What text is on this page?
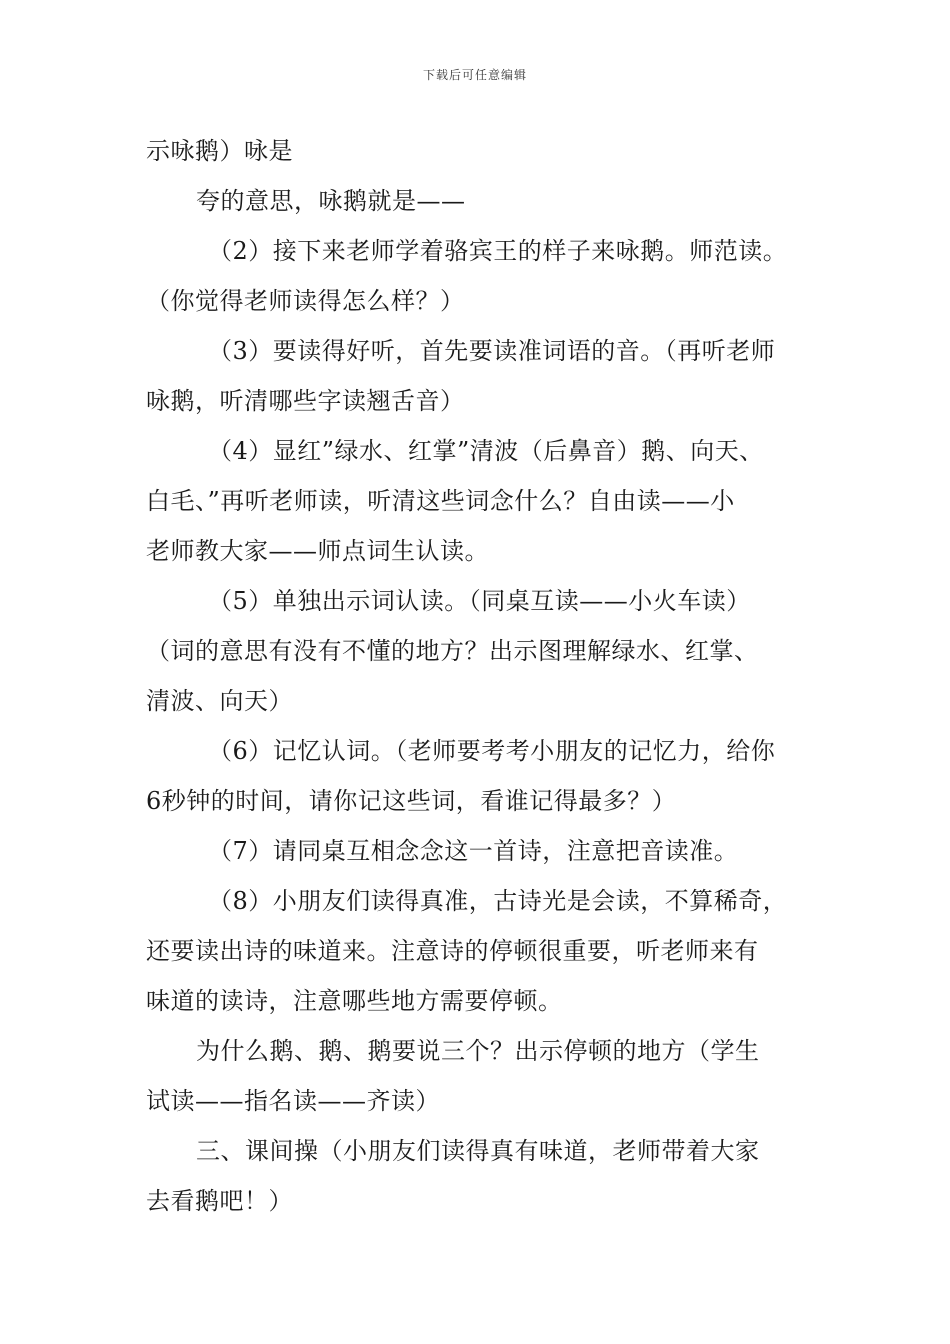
下载后可任意编辑
示咏鹅）咏是
夸的意思，咏鹅就是——
（2）接下来老师学着骆宾王的样子来咏鹅。师范读。
（你觉得老师读得怎么样？）
（3）要读得好听，首先要读准词语的音。（再听老师
咏鹅，听清哪些字读翘舌音）
（4）显红”绿水、红掌”清波（后鼻音）鹅、向天、
白毛、”再听老师读，听清这些词念什么？自由读——小
老师教大家——师点词生认读。
（5）单独出示词认读。（同桌互读——小火车读）
（词的意思有没有不懂的地方？出示图理解绿水、红掌、
清波、向天）
（6）记忆认词。（老师要考考小朋友的记忆力，给你
6秒钟的时间，请你记这些词，看谁记得最多？）
（7）请同桌互相念念这一首诗，注意把音读准。
（8）小朋友们读得真准，古诗光是会读，不算稀奇，
还要读出诗的味道来。注意诗的停顿很重要，听老师来有
味道的读诗，注意哪些地方需要停顿。
为什么鹅、鹅、鹅要说三个？出示停顿的地方（学生
试读——指名读——齐读）
三、课间操（小朋友们读得真有味道，老师带着大家
去看鹅吧！）
